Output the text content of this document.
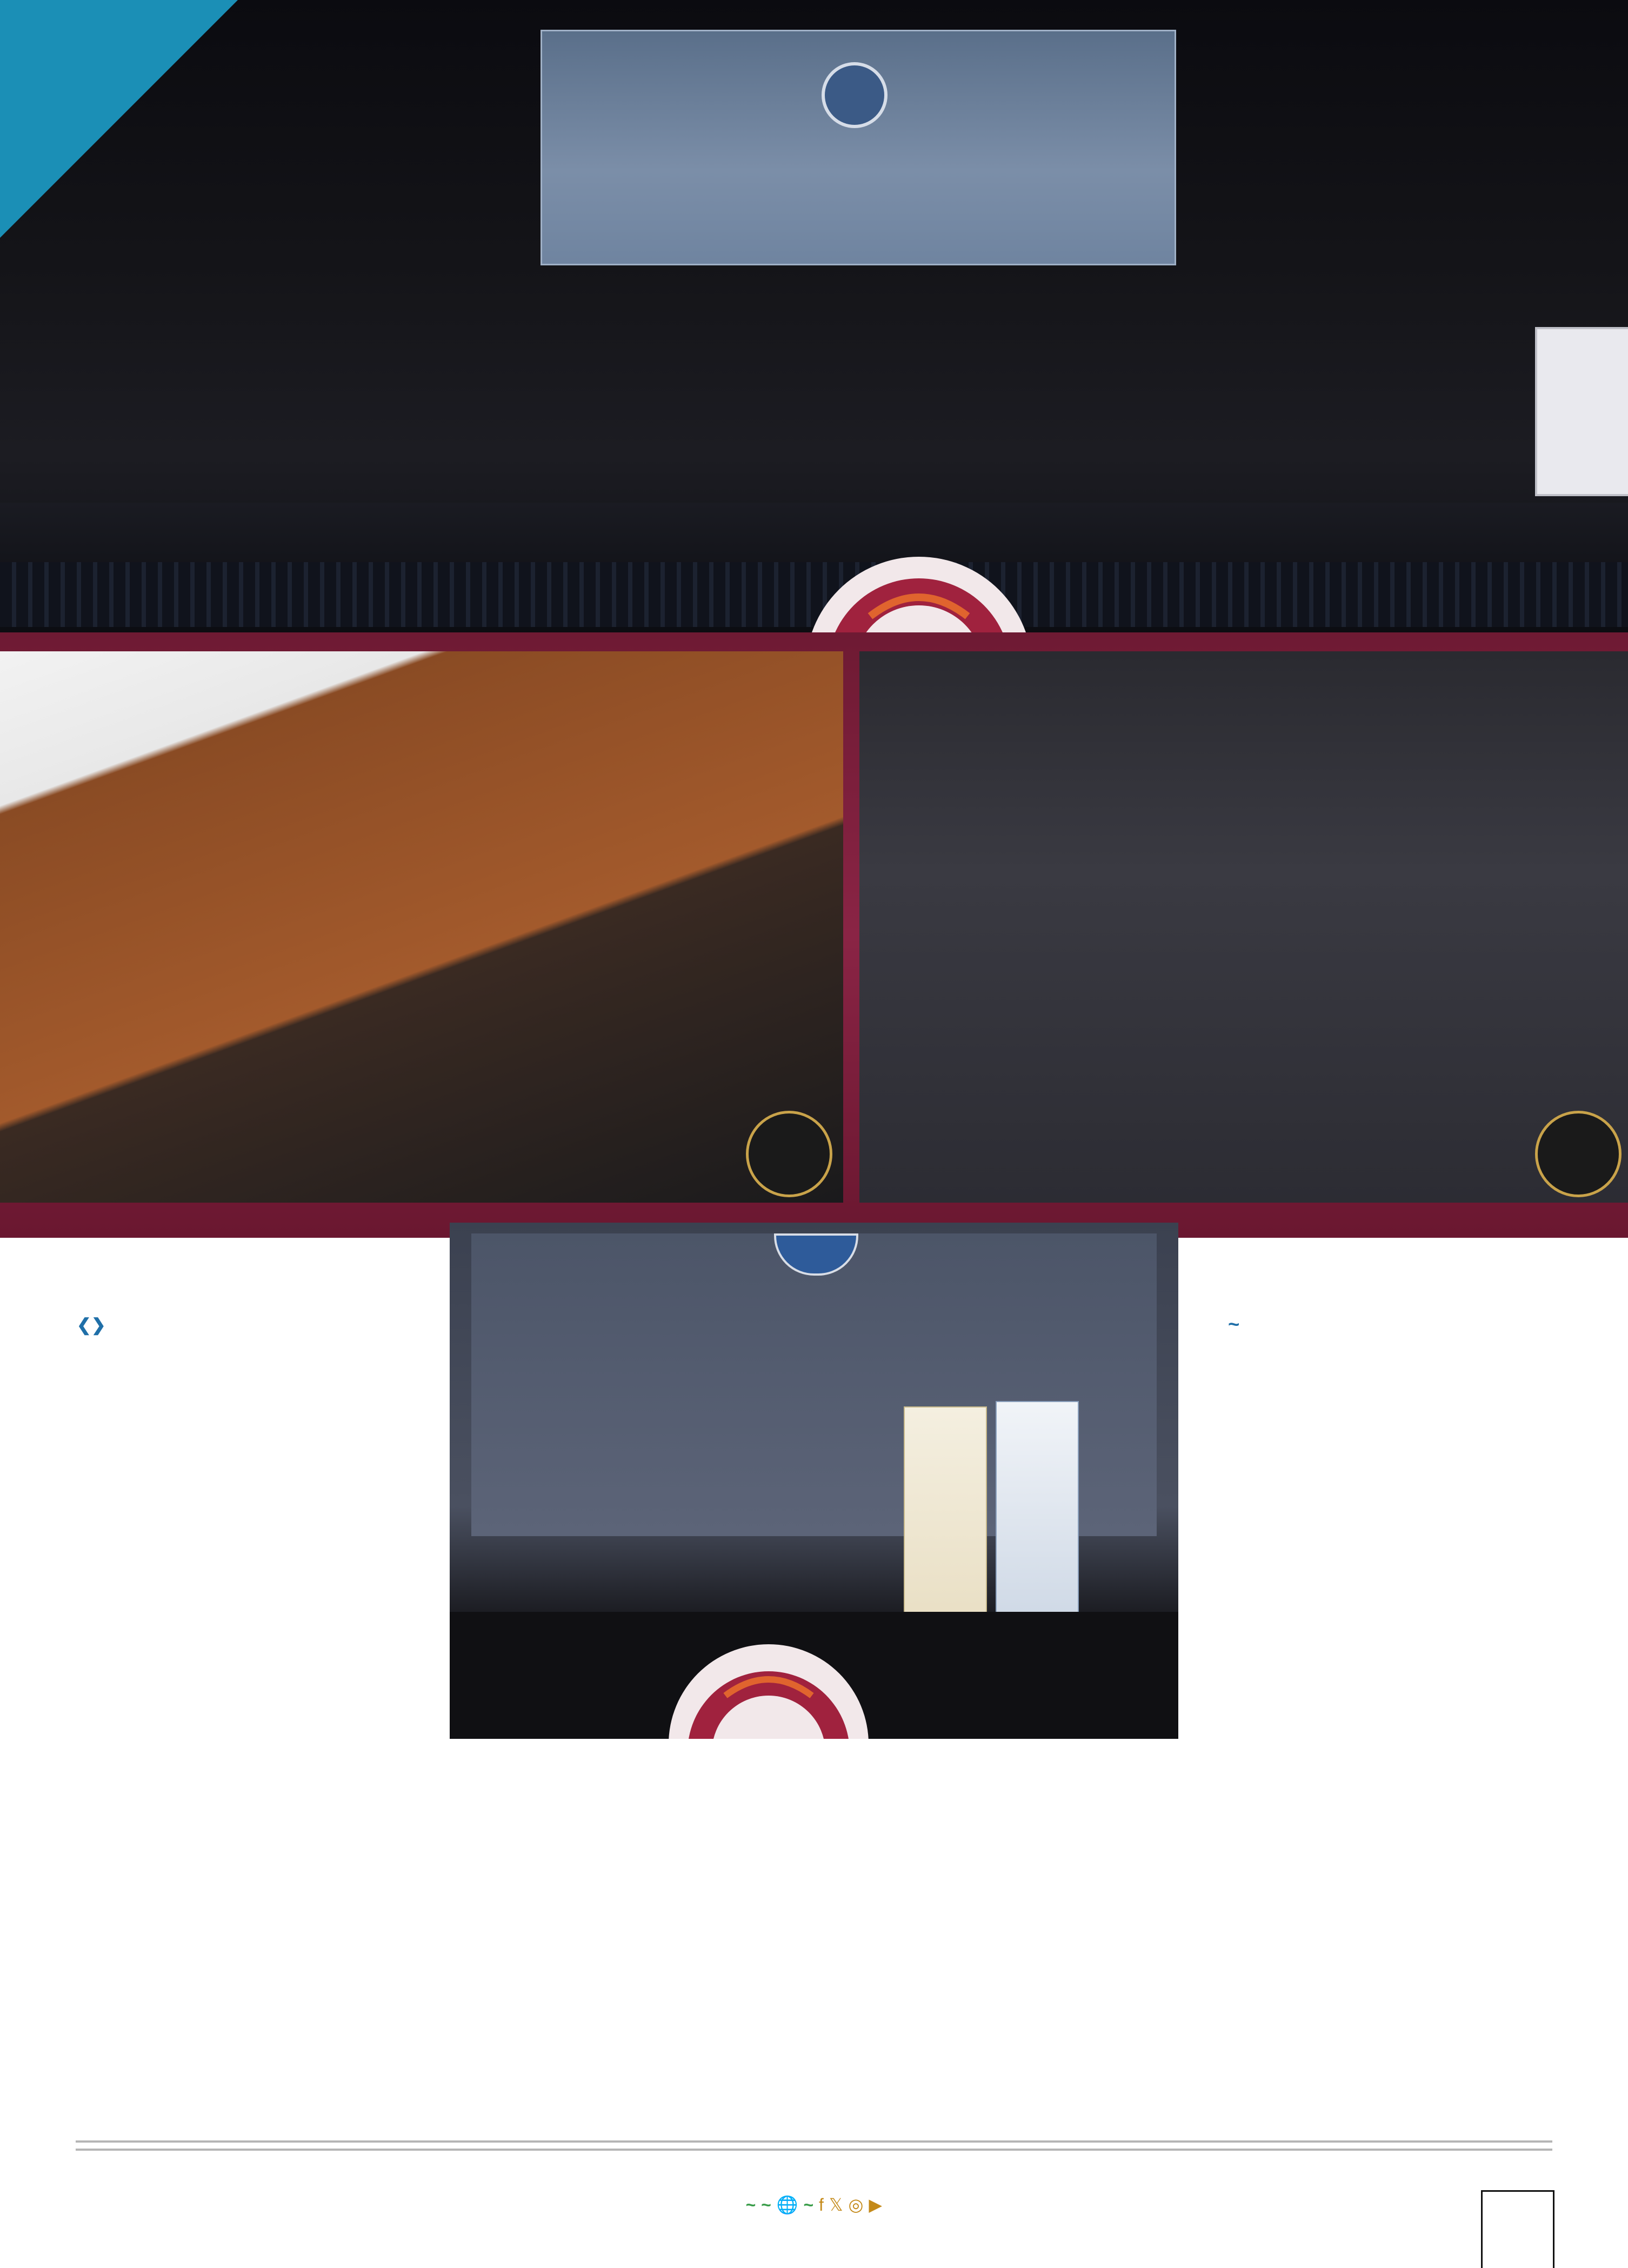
❮❯	~

~ ~ 🌐 ~ f 𝕏 ◎ ▶
